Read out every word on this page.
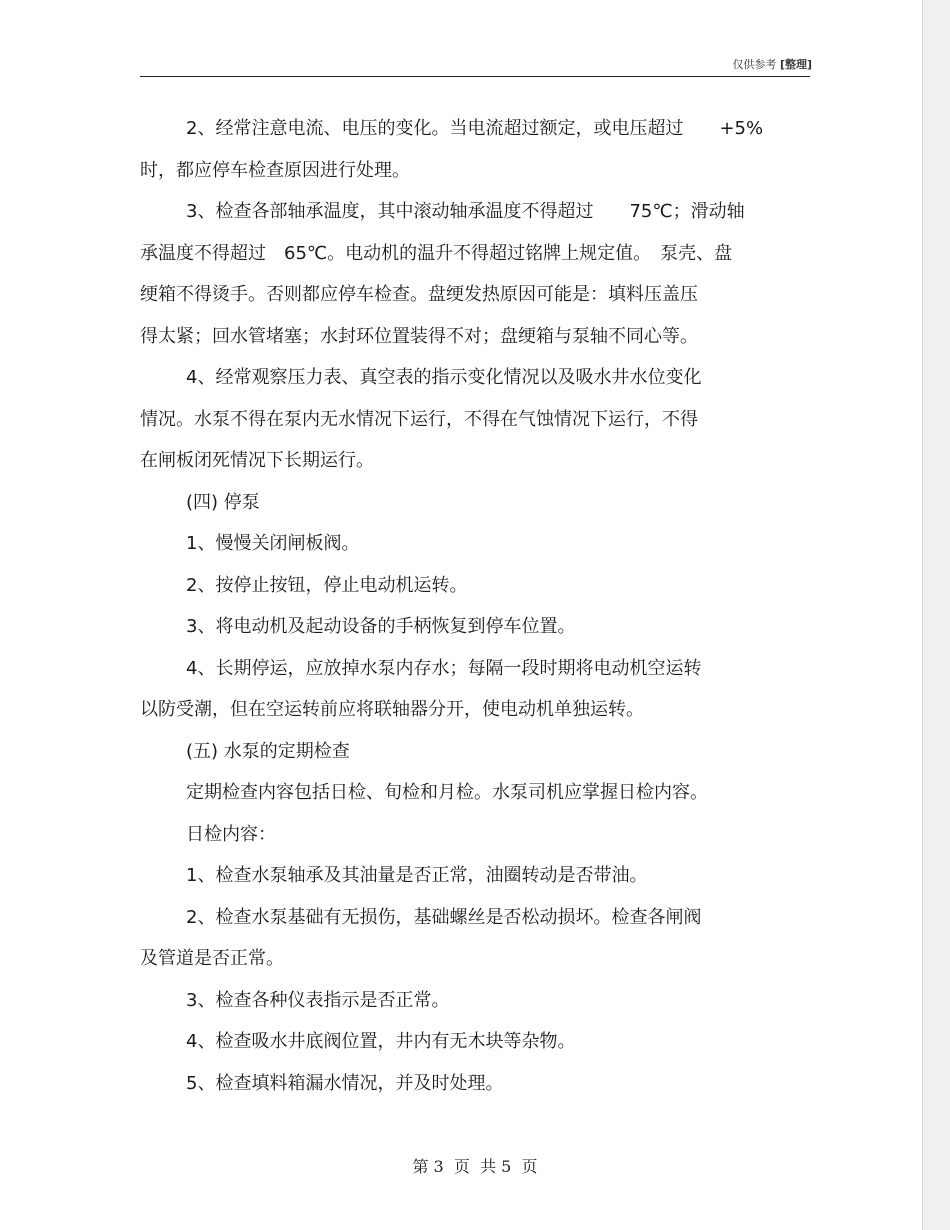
仅供参考 [整理]
2、经常注意电流、电压的变化。当电流超过额定，或电压超过　　+5%
时，都应停车检查原因进行处理。
3、检查各部轴承温度，其中滚动轴承温度不得超过　　75℃；滑动轴
承温度不得超过　65℃。电动机的温升不得超过铭牌上规定值。　泵壳、盘
绠箱不得烫手。否则都应停车检查。盘绠发热原因可能是：填料压盖压
得太紧；回水管堵塞；水封环位置装得不对；盘绠箱与泵轴不同心等。
4、经常观察压力表、真空表的指示变化情况以及吸水井水位变化
情况。水泵不得在泵内无水情况下运行，不得在气蚀情况下运行，不得
在闸板闭死情况下长期运行。
(四) 停泵
1、慢慢关闭闸板阀。
2、按停止按钮，停止电动机运转。
3、将电动机及起动设备的手柄恢复到停车位置。
4、长期停运，应放掉水泵内存水；每隔一段时期将电动机空运转
以防受潮，但在空运转前应将联轴器分开，使电动机单独运转。
(五) 水泵的定期检查
定期检查内容包括日检、旬检和月检。水泵司机应掌握日检内容。
日检内容：
1、检查水泵轴承及其油量是否正常，油圈转动是否带油。
2、检查水泵基础有无损伤，基础螺丝是否松动损坏。检查各闸阀
及管道是否正常。
3、检查各种仪表指示是否正常。
4、检查吸水井底阀位置，井内有无木块等杂物。
5、检查填料箱漏水情况，并及时处理。
第 3  页  共 5  页
